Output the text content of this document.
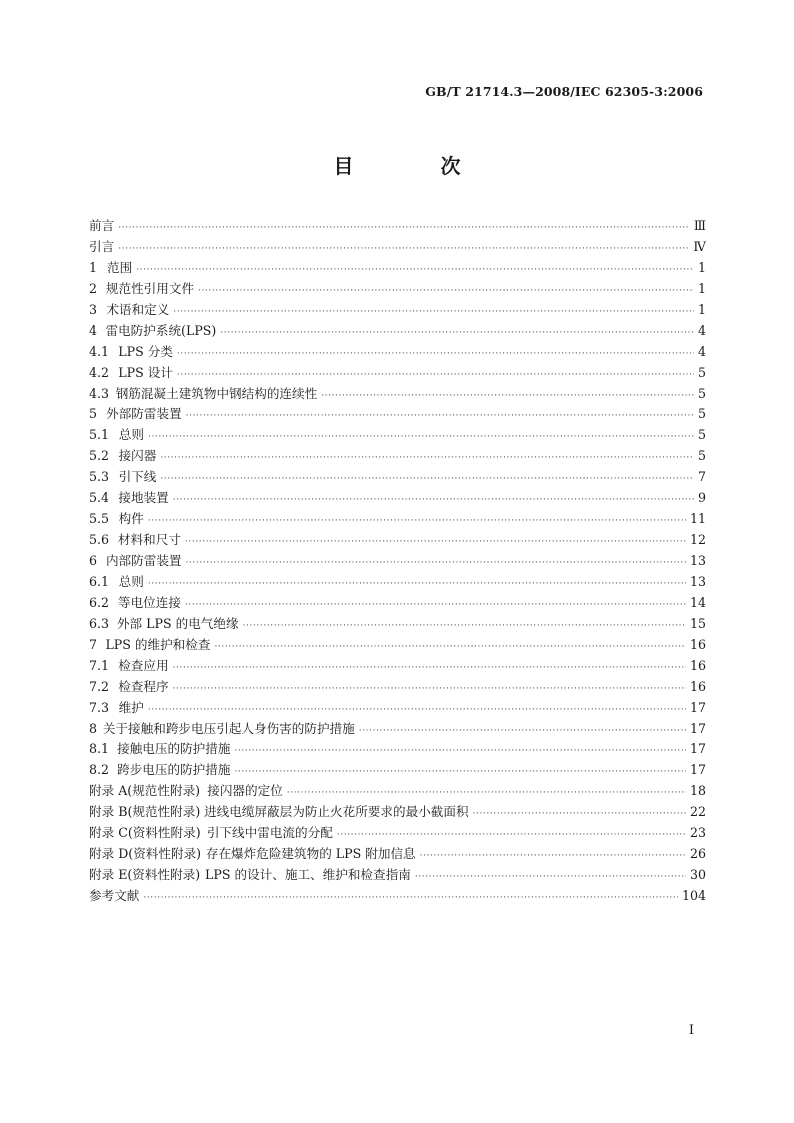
GB/T 21714.3—2008/IEC 62305-3:2006
目 次
前言 ·····	Ⅲ
引言 ·····	Ⅳ
1 范围 ·····	1
2 规范性引用文件 ·····	1
3 术语和定义 ·····	1
4 雷电防护系统(LPS) ·····	4
4.1 LPS 分类 ·····	4
4.2 LPS 设计 ·····	5
4.3 钢筋混凝土建筑物中钢结构的连续性 ·····	5
5 外部防雷装置 ·····	5
5.1 总则 ·····	5
5.2 接闪器 ·····	5
5.3 引下线 ·····	7
5.4 接地装置 ·····	9
5.5 构件 ·····	11
5.6 材料和尺寸 ·····	12
6 内部防雷装置 ·····	13
6.1 总则 ·····	13
6.2 等电位连接 ·····	14
6.3 外部 LPS 的电气绝缘 ·····	15
7 LPS 的维护和检查 ·····	16
7.1 检查应用 ·····	16
7.2 检查程序 ·····	16
7.3 维护 ·····	17
8 关于接触和跨步电压引起人身伤害的防护措施 ·····	17
8.1 接触电压的防护措施 ·····	17
8.2 跨步电压的防护措施 ·····	17
附录 A(规范性附录) 接闪器的定位 ·····	18
附录 B(规范性附录) 进线电缆屏蔽层为防止火花所要求的最小截面积 ·····	22
附录 C(资料性附录) 引下线中雷电流的分配 ·····	23
附录 D(资料性附录) 存在爆炸危险建筑物的 LPS 附加信息 ·····	26
附录 E(资料性附录) LPS 的设计、施工、维护和检查指南 ·····	30
参考文献 ·····	104
Ⅰ
